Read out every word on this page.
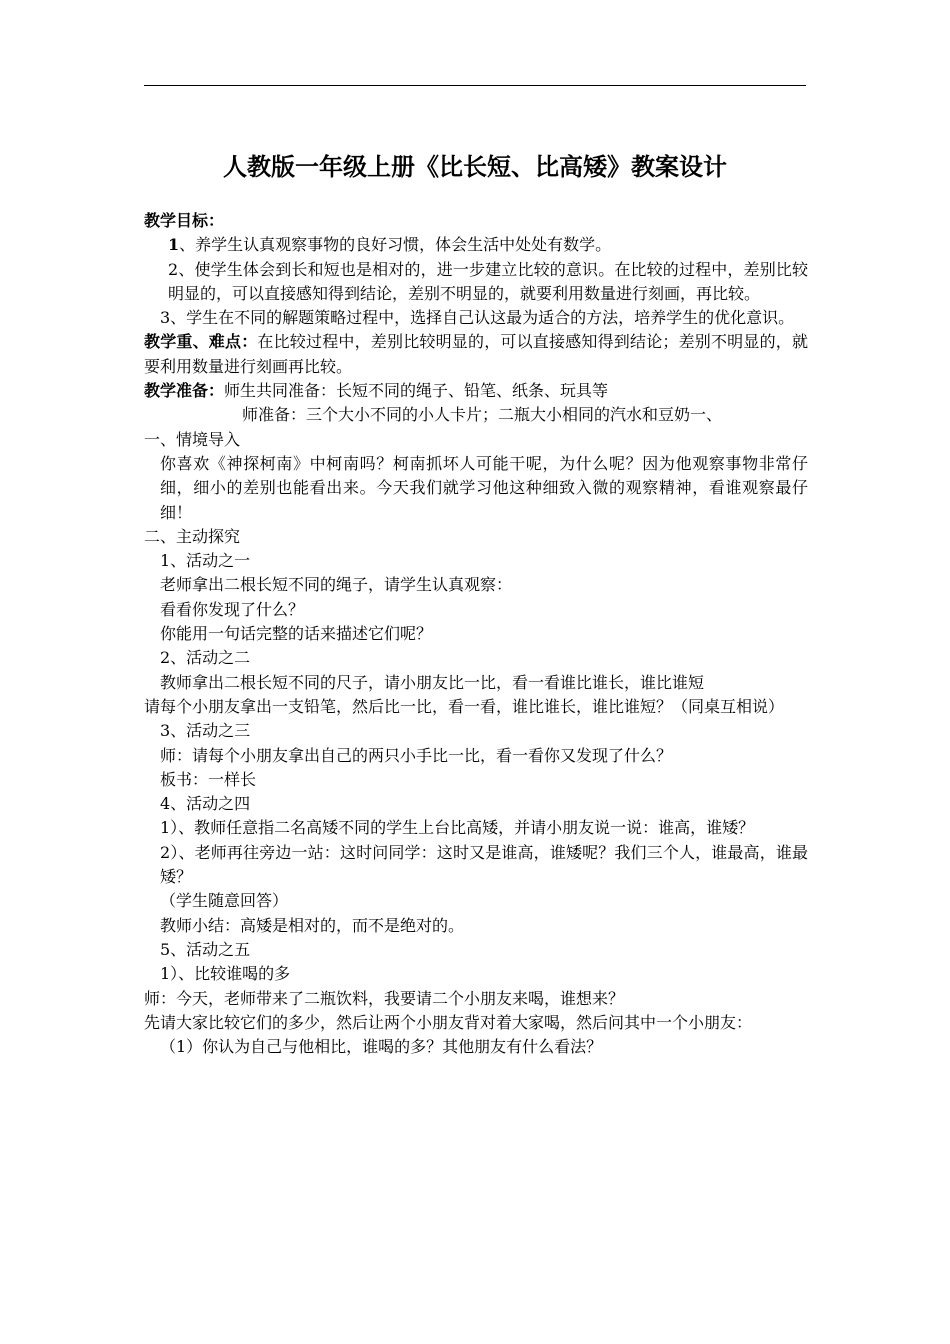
人教版一年级上册《比长短、比高矮》教案设计

教学目标：

1、养学生认真观察事物的良好习惯，体会生活中处处有数学。

2、使学生体会到长和短也是相对的，进一步建立比较的意识。在比较的过程中，差别比较明显的，可以直接感知得到结论，差别不明显的，就要利用数量进行刻画，再比较。

3、学生在不同的解题策略过程中，选择自己认这最为适合的方法，培养学生的优化意识。

教学重、难点：在比较过程中，差别比较明显的，可以直接感知得到结论；差别不明显的，就要利用数量进行刻画再比较。

教学准备：师生共同准备：长短不同的绳子、铅笔、纸条、玩具等

师准备：三个大小不同的小人卡片；二瓶大小相同的汽水和豆奶一、

一、情境导入

你喜欢《神探柯南》中柯南吗？柯南抓坏人可能干呢，为什么呢？因为他观察事物非常仔细，细小的差别也能看出来。今天我们就学习他这种细致入微的观察精神，看谁观察最仔细！

二、主动探究

1、活动之一

老师拿出二根长短不同的绳子，请学生认真观察：

看看你发现了什么？

你能用一句话完整的话来描述它们呢？

2、活动之二

教师拿出二根长短不同的尺子，请小朋友比一比，看一看谁比谁长，谁比谁短

请每个小朋友拿出一支铅笔，然后比一比，看一看，谁比谁长，谁比谁短？（同桌互相说）

3、活动之三

师：请每个小朋友拿出自己的两只小手比一比，看一看你又发现了什么？

板书：一样长

4、活动之四

1）、教师任意指二名高矮不同的学生上台比高矮，并请小朋友说一说：谁高，谁矮？

2）、老师再往旁边一站：这时问同学：这时又是谁高，谁矮呢？我们三个人，谁最高，谁最矮？

（学生随意回答）

教师小结：高矮是相对的，而不是绝对的。

5、活动之五

1）、比较谁喝的多

师：今天，老师带来了二瓶饮料，我要请二个小朋友来喝，谁想来？

先请大家比较它们的多少，然后让两个小朋友背对着大家喝，然后问其中一个小朋友：

（1）你认为自己与他相比，谁喝的多？其他朋友有什么看法？
